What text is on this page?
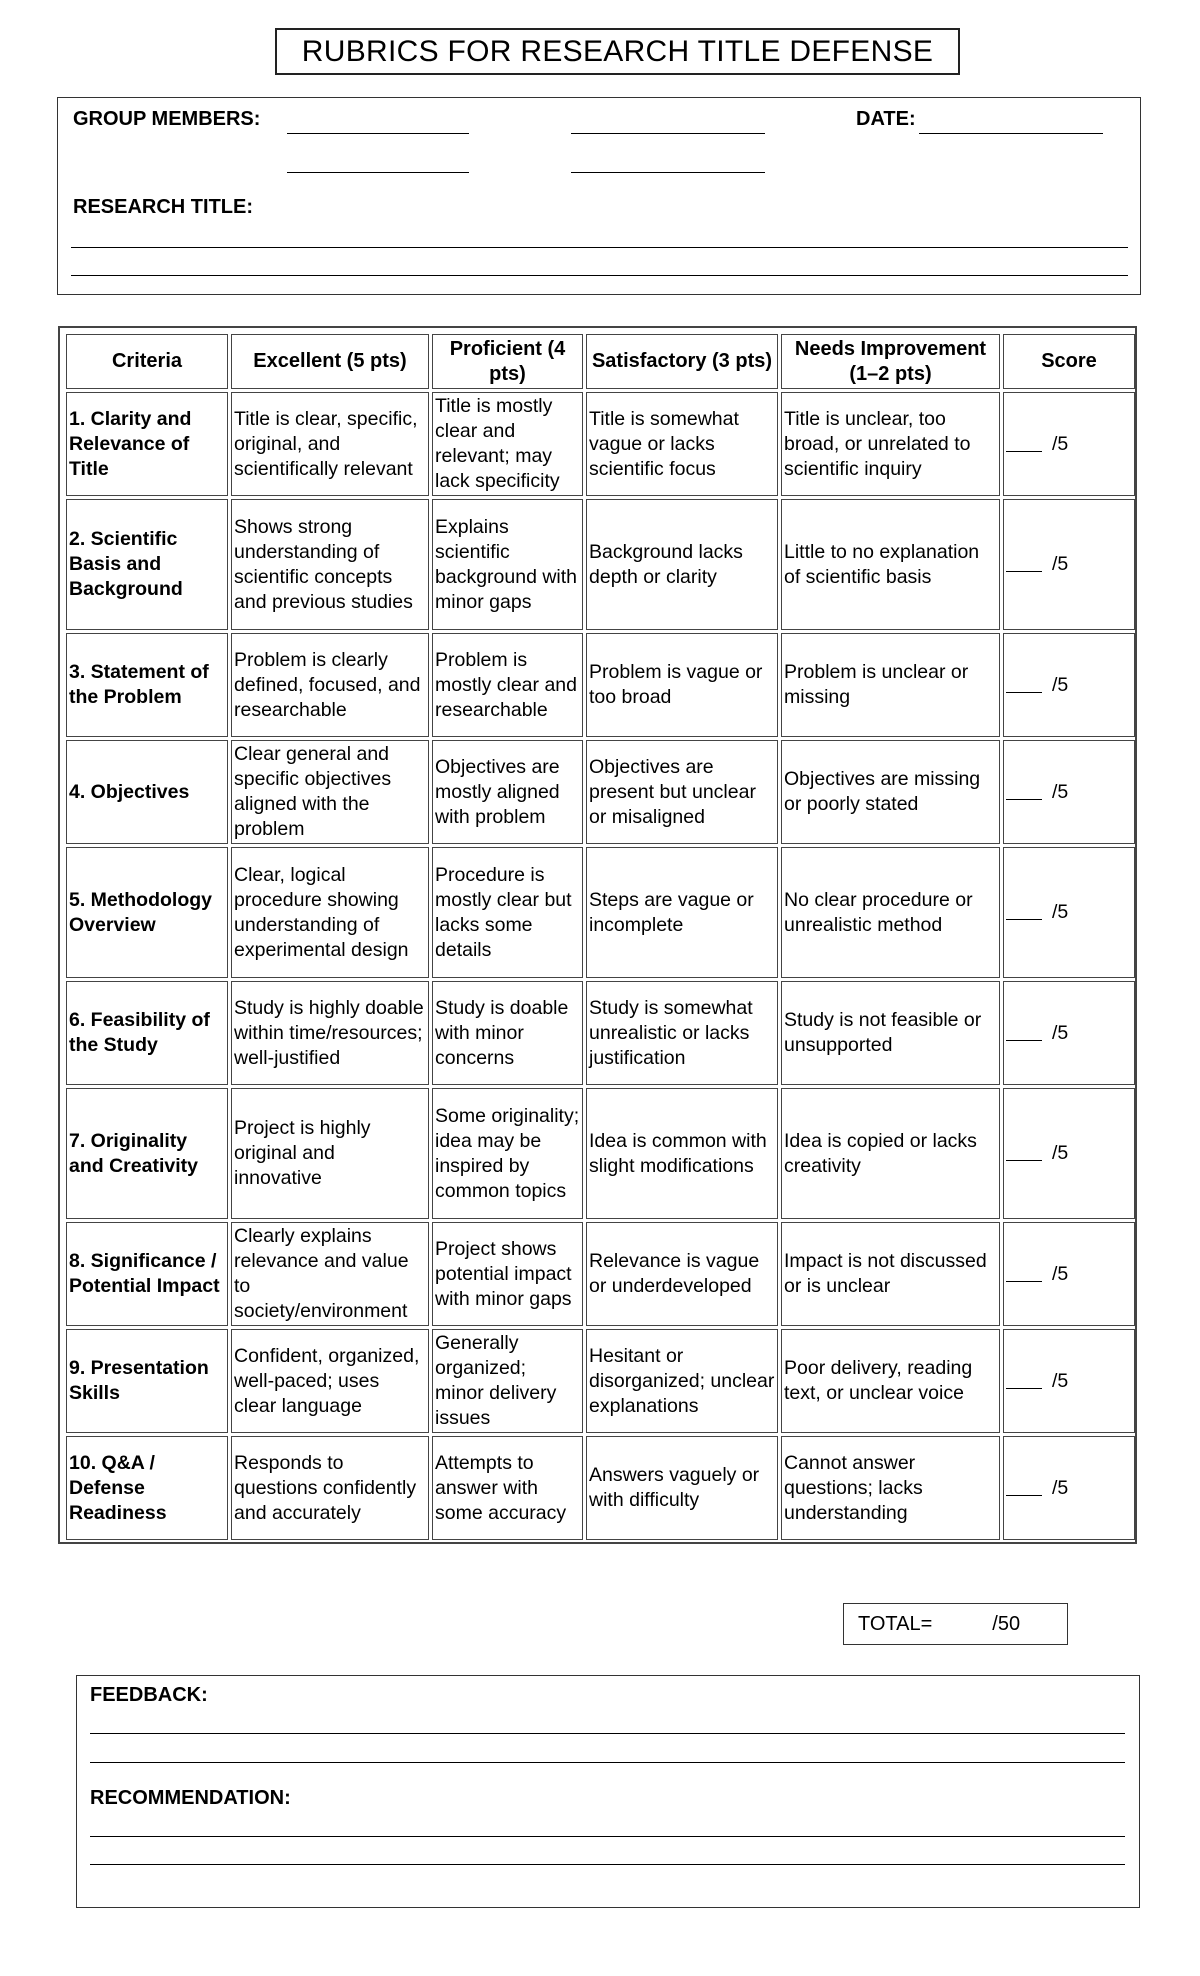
RUBRICS FOR RESEARCH TITLE DEFENSE
GROUP MEMBERS:	DATE:
RESEARCH TITLE:
Criteria	Excellent (5 pts)	Proficient (4 pts)	Satisfactory (3 pts)	Needs Improvement (1–2 pts)	Score
1. Clarity and Relevance of Title	Title is clear, specific, original, and scientifically relevant	Title is mostly clear and relevant; may lack specificity	Title is somewhat vague or lacks scientific focus	Title is unclear, too broad, or unrelated to scientific inquiry	/5
2. Scientific Basis and Background	Shows strong understanding of scientific concepts and previous studies	Explains scientific background with minor gaps	Background lacks depth or clarity	Little to no explanation of scientific basis	/5
3. Statement of the Problem	Problem is clearly defined, focused, and researchable	Problem is mostly clear and researchable	Problem is vague or too broad	Problem is unclear or missing	/5
4. Objectives	Clear general and specific objectives aligned with the problem	Objectives are mostly aligned with problem	Objectives are present but unclear or misaligned	Objectives are missing or poorly stated	/5
5. Methodology Overview	Clear, logical procedure showing understanding of experimental design	Procedure is mostly clear but lacks some details	Steps are vague or incomplete	No clear procedure or unrealistic method	/5
6. Feasibility of the Study	Study is highly doable within time/resources; well-justified	Study is doable with minor concerns	Study is somewhat unrealistic or lacks justification	Study is not feasible or unsupported	/5
7. Originality and Creativity	Project is highly original and innovative	Some originality; idea may be inspired by common topics	Idea is common with slight modifications	Idea is copied or lacks creativity	/5
8. Significance / Potential Impact	Clearly explains relevance and value to society/environment	Project shows potential impact with minor gaps	Relevance is vague or underdeveloped	Impact is not discussed or is unclear	/5
9. Presentation Skills	Confident, organized, well-paced; uses clear language	Generally organized; minor delivery issues	Hesitant or disorganized; unclear explanations	Poor delivery, reading text, or unclear voice	/5
10. Q&A / Defense Readiness	Responds to questions confidently and accurately	Attempts to answer with some accuracy	Answers vaguely or with difficulty	Cannot answer questions; lacks understanding	/5
TOTAL=	/50
FEEDBACK:
RECOMMENDATION:
